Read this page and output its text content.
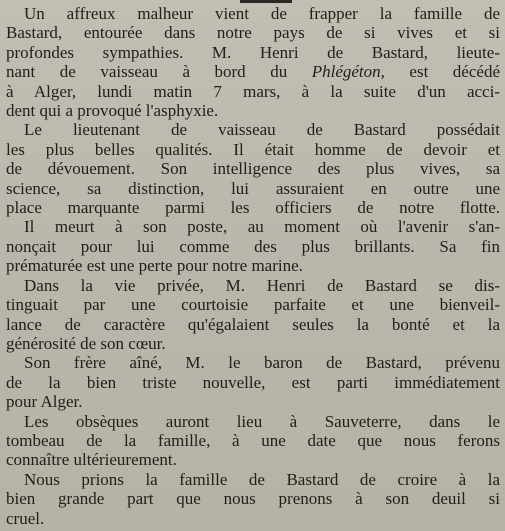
Un affreux malheur vient de frapper la famille de
Bastard, entourée dans notre pays de si vives et si
profondes sympathies. M. Henri de Bastard, lieute-
nant de vaisseau à bord du Phlégéton, est décédé
à Alger, lundi matin 7 mars, à la suite d'un acci-
dent qui a provoqué l'asphyxie.
Le lieutenant de vaisseau de Bastard possédait
les plus belles qualités. Il était homme de devoir et
de dévouement. Son intelligence des plus vives, sa
science, sa distinction, lui assuraient en outre une
place marquante parmi les officiers de notre flotte.
Il meurt à son poste, au moment où l'avenir s'an-
nonçait pour lui comme des plus brillants. Sa fin
prématurée est une perte pour notre marine.
Dans la vie privée, M. Henri de Bastard se dis-
tinguait par une courtoisie parfaite et une bienveil-
lance de caractère qu'égalaient seules la bonté et la
générosité de son cœur.
Son frère aîné, M. le baron de Bastard, prévenu
de la bien triste nouvelle, est parti immédiatement
pour Alger.
Les obsèques auront lieu à Sauveterre, dans le
tombeau de la famille, à une date que nous ferons
connaître ultérieurement.
Nous prions la famille de Bastard de croire à la
bien grande part que nous prenons à son deuil si
cruel.
